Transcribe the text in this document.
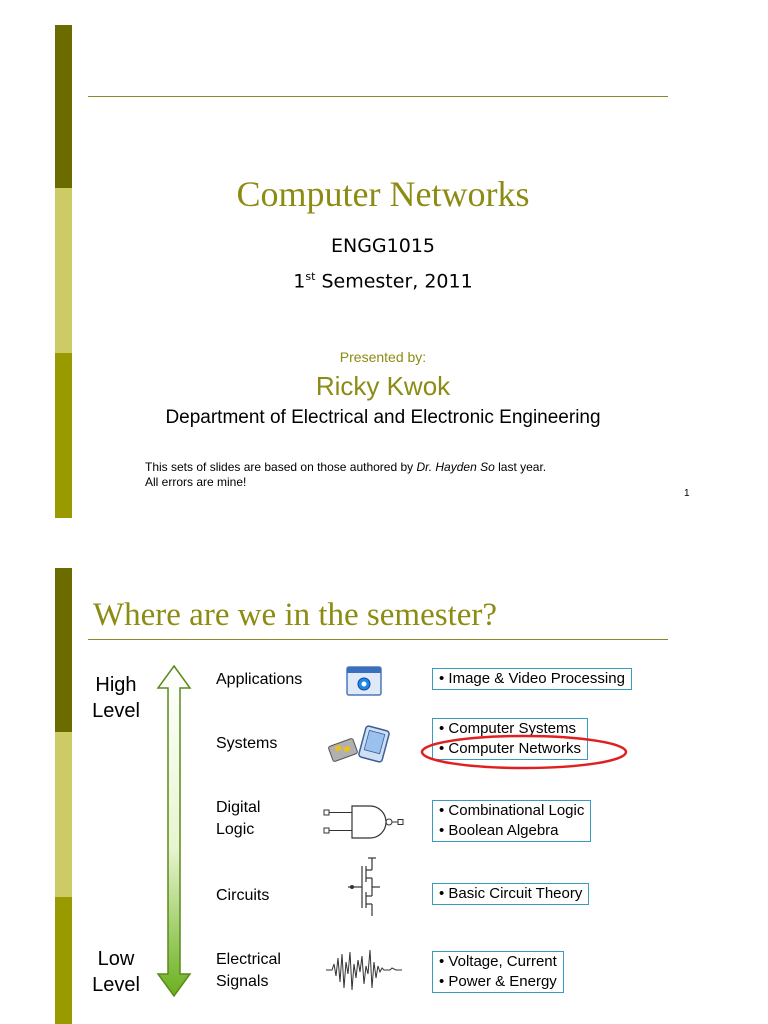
Computer Networks
ENGG1015
1st Semester, 2011
Presented by:
Ricky Kwok
Department of Electrical and Electronic Engineering
This sets of slides are based on those authored by Dr. Hayden So last year.
All errors are mine!
1
Where are we in the semester?
High
Level
Low
Level
Applications
Systems
Digital
Logic
Circuits
Electrical
Signals
• Image & Video Processing
• Computer Systems
• Computer Networks
• Combinational Logic
• Boolean Algebra
• Basic Circuit Theory
• Voltage, Current
• Power & Energy
